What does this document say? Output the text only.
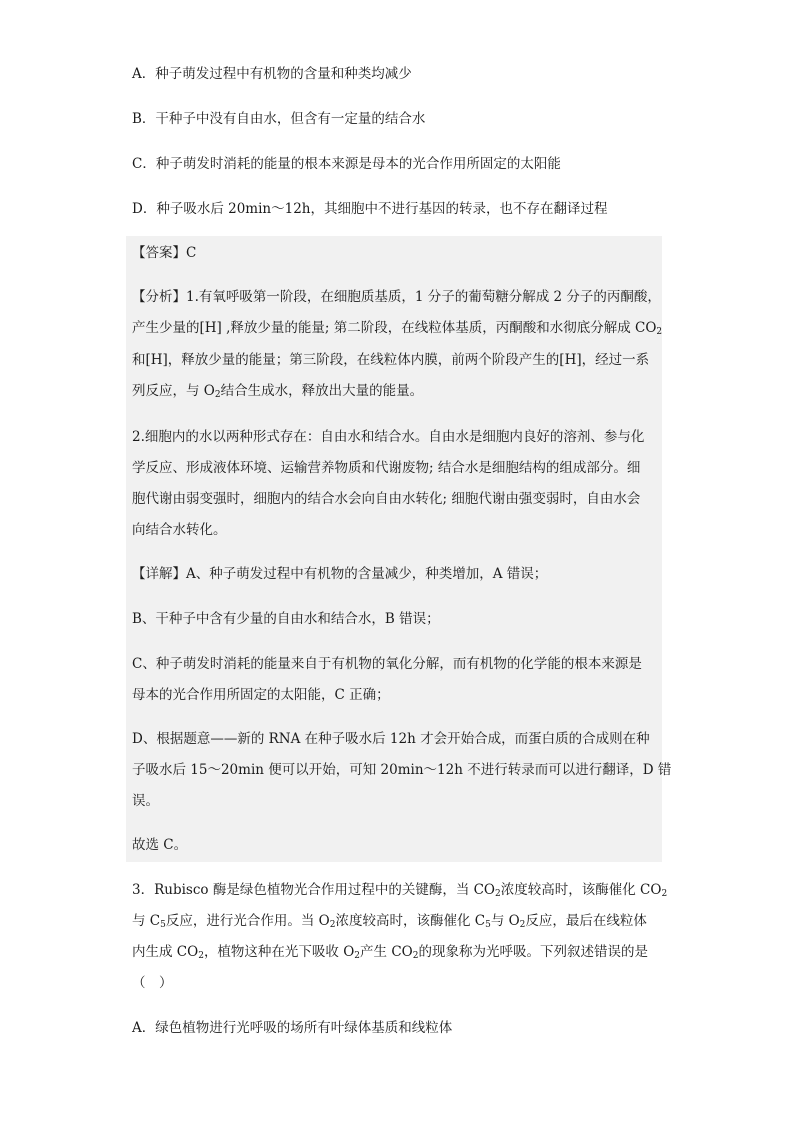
A．种子萌发过程中有机物的含量和种类均减少
B．干种子中没有自由水，但含有一定量的结合水
C．种子萌发时消耗的能量的根本来源是母本的光合作用所固定的太阳能
D．种子吸水后 20min～12h，其细胞中不进行基因的转录，也不存在翻译过程
【答案】C
【分析】1.有氧呼吸第一阶段，在细胞质基质，1 分子的葡萄糖分解成 2 分子的丙酮酸，
产生少量的[H] ,释放少量的能量; 第二阶段，在线粒体基质，丙酮酸和水彻底分解成 $CO_2$
和[H]，释放少量的能量；第三阶段，在线粒体内膜，前两个阶段产生的[H]，经过一系
列反应，与 $O_2$结合生成水，释放出大量的能量。
2.细胞内的水以两种形式存在：自由水和结合水。自由水是细胞内良好的溶剂、参与化
学反应、形成液体环境、运输营养物质和代谢废物; 结合水是细胞结构的组成部分。细
胞代谢由弱变强时，细胞内的结合水会向自由水转化; 细胞代谢由强变弱时，自由水会
向结合水转化。
【详解】A、种子萌发过程中有机物的含量减少，种类增加，A 错误；
B、干种子中含有少量的自由水和结合水，B 错误；
C、种子萌发时消耗的能量来自于有机物的氧化分解，而有机物的化学能的根本来源是
母本的光合作用所固定的太阳能，C 正确；
D、根据题意——新的 RNA 在种子吸水后 12h 才会开始合成，而蛋白质的合成则在种
子吸水后 15～20min 便可以开始，可知 20min～12h 不进行转录而可以进行翻译，D 错
误。
故选 C。
3．Rubisco 酶是绿色植物光合作用过程中的关键酶，当 $CO_2$浓度较高时，该酶催化 $CO_2$
与 $C_5$反应，进行光合作用。当 $O_2$浓度较高时，该酶催化 $C_5$与 $O_2$反应，最后在线粒体
内生成 $CO_2$，植物这种在光下吸收 $O_2$产生 $CO_2$的现象称为光呼吸。下列叙述错误的是
（　）
A．绿色植物进行光呼吸的场所有叶绿体基质和线粒体
